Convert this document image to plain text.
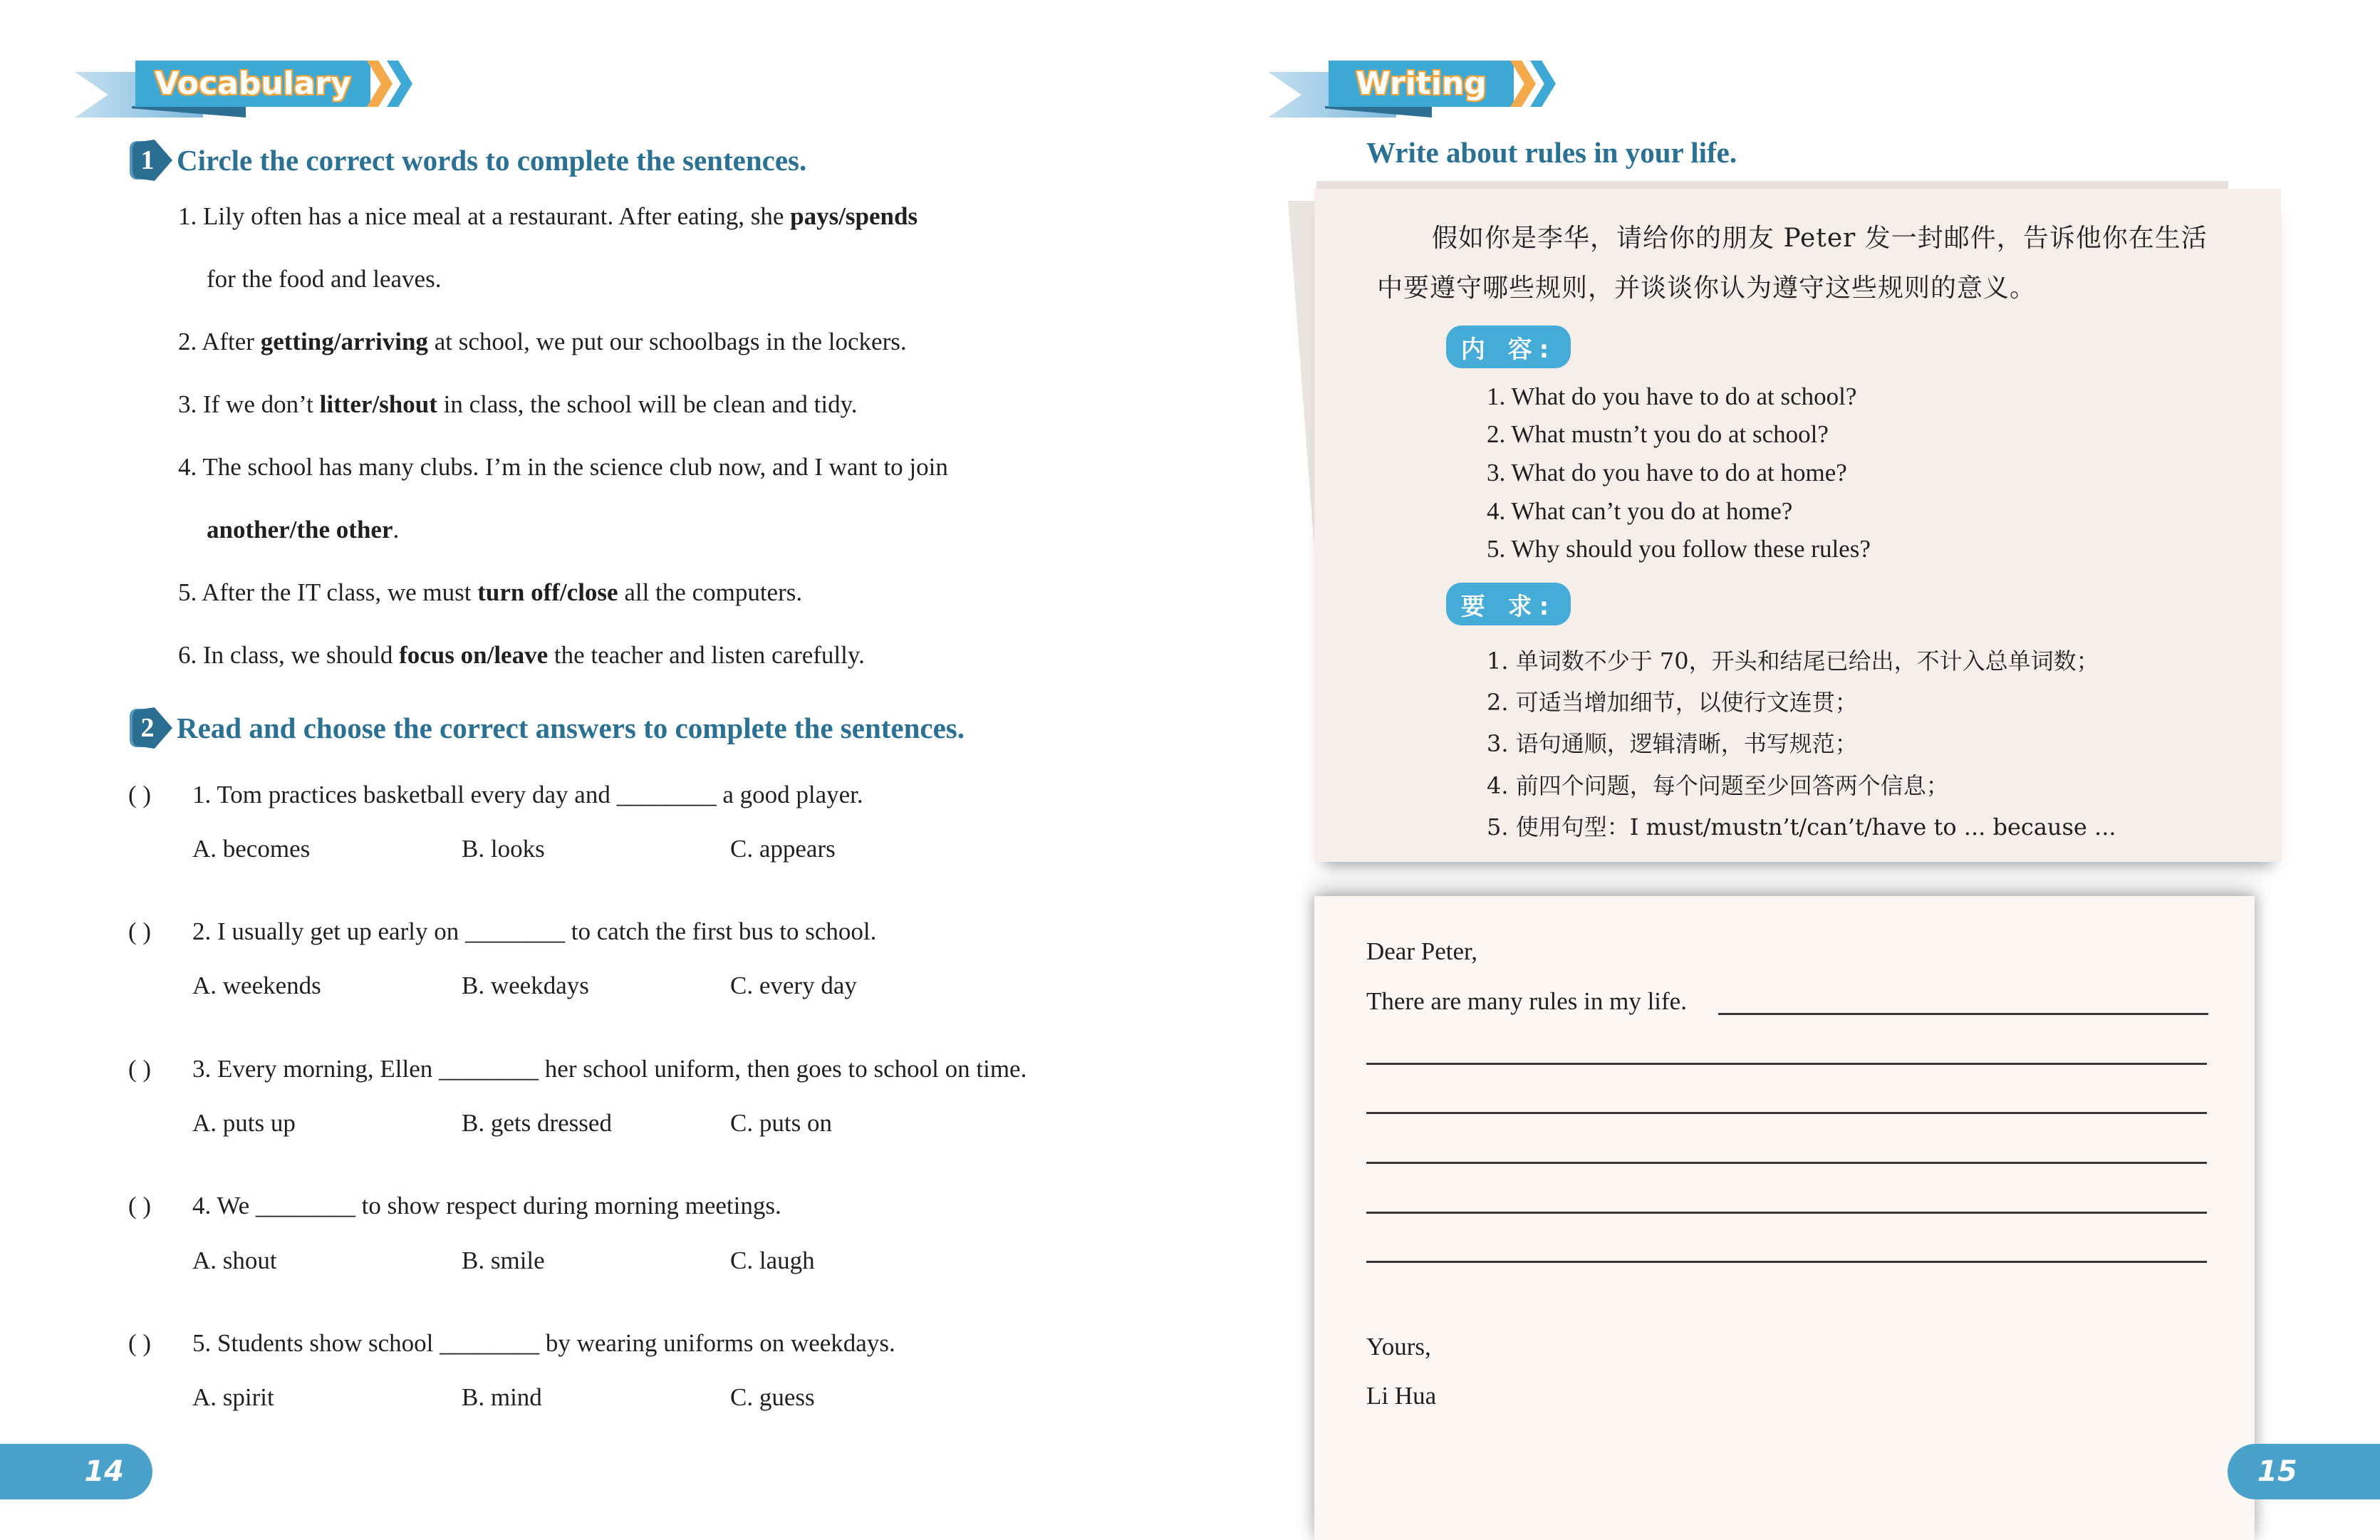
Vocabulary
1 Circle the correct words to complete the sentences.
1. Lily often has a nice meal at a restaurant. After eating, she pays/spends
for the food and leaves.
2. After getting/arriving at school, we put our schoolbags in the lockers.
3. If we don’t litter/shout in class, the school will be clean and tidy.
4. The school has many clubs. I’m in the science club now, and I want to join
another/the other.
5. After the IT class, we must turn off/close all the computers.
6. In class, we should focus on/leave the teacher and listen carefully.
2 Read and choose the correct answers to complete the sentences.
( ) 1. Tom practices basketball every day and ________ a good player.
A. becomes	B. looks	C. appears
( ) 2. I usually get up early on ________ to catch the first bus to school.
A. weekends	B. weekdays	C. every day
( ) 3. Every morning, Ellen ________ her school uniform, then goes to school on time.
A. puts up	B. gets dressed	C. puts on
( ) 4. We ________ to show respect during morning meetings.
A. shout	B. smile	C. laugh
( ) 5. Students show school ________ by wearing uniforms on weekdays.
A. spirit	B. mind	C. guess
14
Writing
Write about rules in your life.
假如你是李华，请给你的朋友 Peter 发一封邮件，告诉他你在生活
中要遵守哪些规则，并谈谈你认为遵守这些规则的意义。
内 容:
1. What do you have to do at school?
2. What mustn’t you do at school?
3. What do you have to do at home?
4. What can’t you do at home?
5. Why should you follow these rules?
要 求:
1. 单词数不少于 70，开头和结尾已给出，不计入总单词数；
2. 可适当增加细节，以使行文连贯；
3. 语句通顺，逻辑清晰，书写规范；
4. 前四个问题，每个问题至少回答两个信息；
5. 使用句型：I must/mustn’t/can’t/have to ... because ...
Dear Peter,
There are many rules in my life.
Yours,
Li Hua
15
